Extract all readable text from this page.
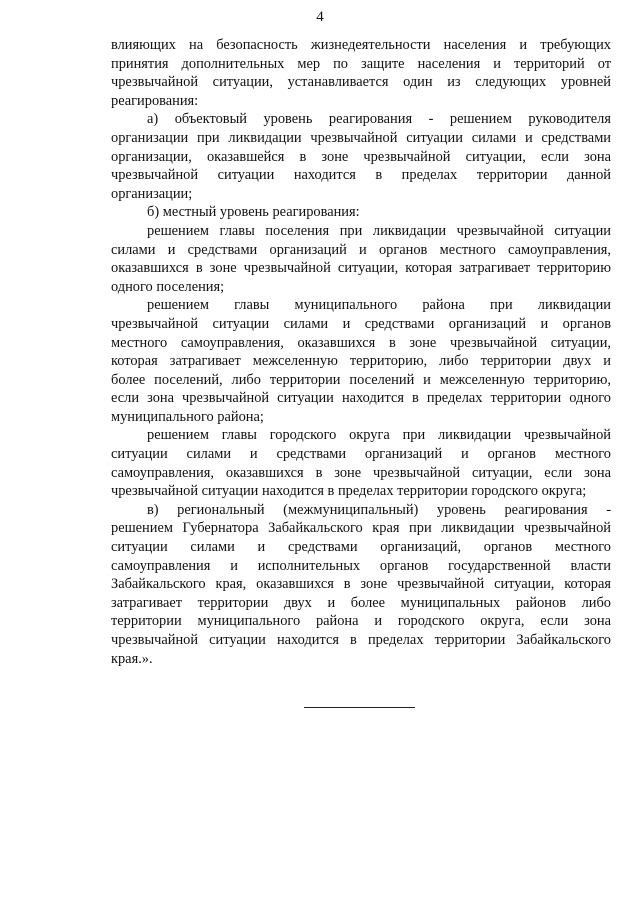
4
влияющих на безопасность жизнедеятельности населения и требующих
принятия дополнительных мер по защите населения и территорий от
чрезвычайной ситуации, устанавливается один из следующих уровней
реагирования:
а) объектовый уровень реагирования - решением руководителя
организации при ликвидации чрезвычайной ситуации силами и средствами
организации, оказавшейся в зоне чрезвычайной ситуации, если зона
чрезвычайной ситуации находится в пределах территории данной
организации;
б) местный уровень реагирования:
решением главы поселения при ликвидации чрезвычайной ситуации
силами и средствами организаций и органов местного самоуправления,
оказавшихся в зоне чрезвычайной ситуации, которая затрагивает территорию
одного поселения;
решением главы муниципального района при ликвидации
чрезвычайной ситуации силами и средствами организаций и органов
местного самоуправления, оказавшихся в зоне чрезвычайной ситуации,
которая затрагивает межселенную территорию, либо территории двух и
более поселений, либо территории поселений и межселенную территорию,
если зона чрезвычайной ситуации находится в пределах территории одного
муниципального района;
решением главы городского округа при ликвидации чрезвычайной
ситуации силами и средствами организаций и органов местного
самоуправления, оказавшихся в зоне чрезвычайной ситуации, если зона
чрезвычайной ситуации находится в пределах территории городского округа;
в) региональный (межмуниципальный) уровень реагирования -
решением Губернатора Забайкальского края при ликвидации чрезвычайной
ситуации силами и средствами организаций, органов местного
самоуправления и исполнительных органов государственной власти
Забайкальского края, оказавшихся в зоне чрезвычайной ситуации, которая
затрагивает территории двух и более муниципальных районов либо
территории муниципального района и городского округа, если зона
чрезвычайной ситуации находится в пределах территории Забайкальского
края.».
